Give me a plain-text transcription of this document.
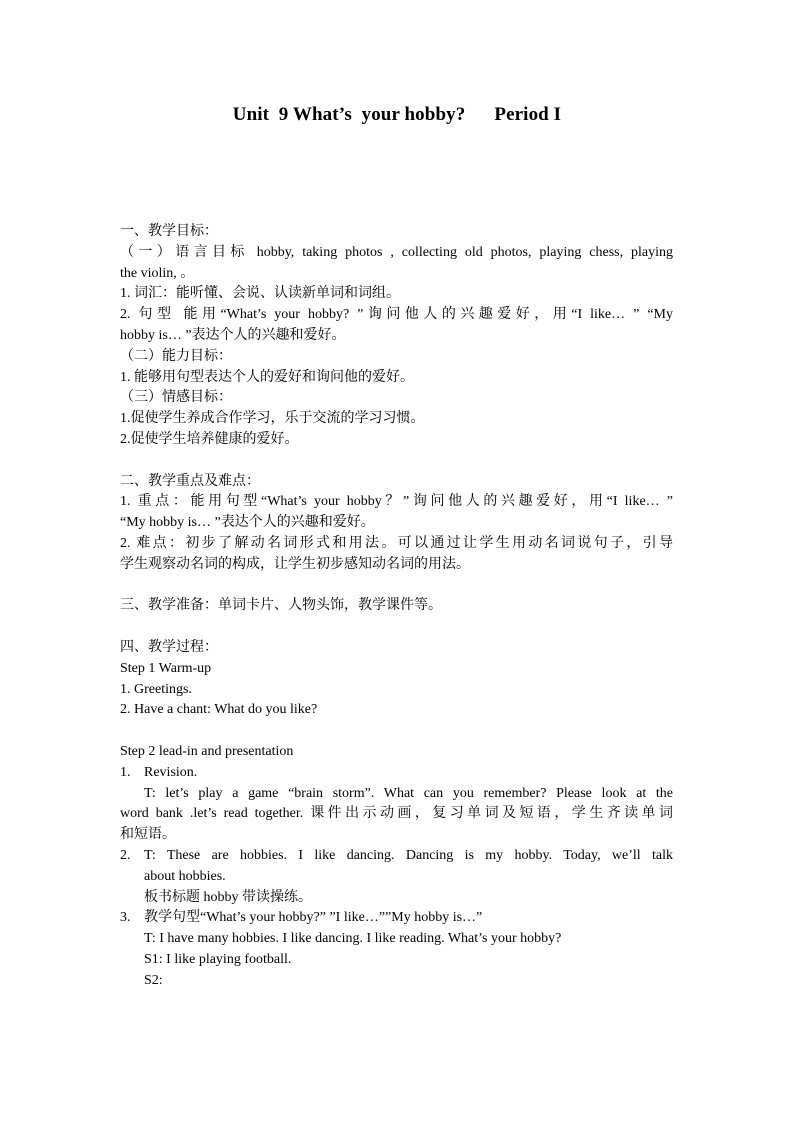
Unit  9 What’s  your hobby?      Period I
一、教学目标：
（一）语言目标 hobby, taking photos , collecting old photos, playing chess, playing
the violin, 。
1. 词汇：能听懂、会说、认读新单词和词组。
2. 句型 能用“What’s your hobby? ”询问他人的兴趣爱好，用“I like… ” “My
hobby is… ”表达个人的兴趣和爱好。
（二）能力目标：
1. 能够用句型表达个人的爱好和询问他的爱好。
（三）情感目标：
1.促使学生养成合作学习，乐于交流的学习习惯。
2.促使学生培养健康的爱好。
二、教学重点及难点：
1. 重点：能用句型“What’s your hobby？”询问他人的兴趣爱好，用“I like… ”
“My hobby is… ”表达个人的兴趣和爱好。
2. 难点：初步了解动名词形式和用法。可以通过让学生用动名词说句子，引导
学生观察动名词的构成，让学生初步感知动名词的用法。
三、教学准备：单词卡片、人物头饰，教学课件等。
四、教学过程：
Step 1 Warm-up
1. Greetings.
2. Have a chant: What do you like?
Step 2 lead-in and presentation
1. Revision.
T: let’s play a game “brain storm”. What can you remember? Please look at the
word bank .let’s read together. 课件出示动画，复习单词及短语，学生齐读单词
和短语。
2. T: These are hobbies. I like dancing. Dancing is my hobby. Today, we’ll talk
about hobbies.
板书标题 hobby 带读操练。
3. 教学句型“What’s your hobby?” ”I like…””My hobby is…”
T: I have many hobbies. I like dancing. I like reading. What’s your hobby?
S1: I like playing football.
S2:
